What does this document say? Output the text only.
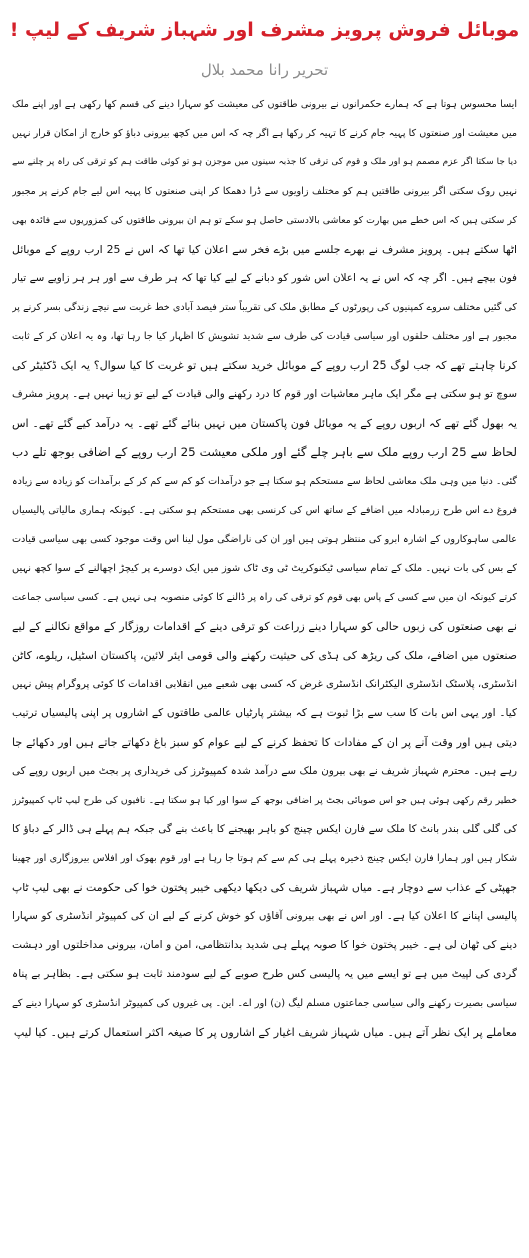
موبائل فروش پرویز مشرف اور شہباز شریف کے لیپ !
تحریر رانا محمد بلال
ایسا محسوس ہوتا ہے کہ ہمارے حکمرانوں نے بیرونی طاقتوں کی معیشت کو سہارا دینے کی قسم کھا رکھی ہے اور اپنے ملک
میں معیشت اور صنعتوں کا پہیہ جام کرنے کا تہیہ کر رکھا ہے اگر چہ کہ اس میں کچھ بیرونی دباؤ کو خارج از امکان قرار نہیں
دیا جا سکتا اگر عزم مصمم ہو اور ملک و قوم کی ترقی کا جذبہ سینوں میں موجزن ہو تو کوئی طاقت ہم کو ترقی کی راہ پر چلنے سے
نہیں روک سکتی اگر بیرونی طاقتیں ہم کو مختلف زاویوں سے ڈرا دھمکا کر اپنی صنعتوں کا پہیہ اس لیے جام کرنے پر مجبور
کر سکتی ہیں کہ اس خطے میں بھارت کو معاشی بالادستی حاصل ہو سکے تو ہم ان بیرونی طاقتوں کی کمزوریوں سے فائدہ بھی
اٹھا سکتے ہیں۔ پرویز مشرف نے بھرے جلسے میں بڑے فخر سے اعلان کیا تھا کہ اس نے 25 ارب روپے کے موبائل
فون بیچے ہیں۔ اگر چہ کہ اس نے یہ اعلان اس شور کو دبانے کے لیے کیا تھا کہ ہر طرف سے اور ہر ہر زاویے سے تیار
کی گئیں مختلف سروے کمپنیوں کی رپورٹوں کے مطابق ملک کی تقریباً ستر فیصد آبادی خط غربت سے نیچے زندگی بسر کرنے پر
مجبور ہے اور مختلف حلقوں اور سیاسی قیادت کی طرف سے شدید تشویش کا اظہار کیا جا رہا تھا، وہ یہ اعلان کر کے ثابت
کرنا چاہتے تھے کہ جب لوگ 25 ارب روپے کے موبائل خرید سکتے ہیں تو غربت کا کیا سوال؟ یہ ایک ڈکٹیٹر کی
سوچ تو ہو سکتی ہے مگر ایک ماہر معاشیات اور قوم کا درد رکھنے والی قیادت کے لیے تو زیبا نہیں ہے۔ پرویز مشرف
یہ بھول گئے تھے کہ اربوں روپے کے یہ موبائل فون پاکستان میں نہیں بنائے گئے تھے۔ یہ درآمد کیے گئے تھے۔ اس
لحاظ سے 25 ارب روپے ملک سے باہر چلے گئے اور ملکی معیشت 25 ارب روپے کے اضافی بوجھ تلے دب
گئی۔ دنیا میں وہی ملک معاشی لحاظ سے مستحکم ہو سکتا ہے جو درآمدات کو کم سے کم کر کے برآمدات کو زیادہ سے زیادہ
فروغ دے اس طرح زرمبادلہ میں اضافے کے ساتھ اس کی کرنسی بھی مستحکم ہو سکتی ہے۔ کیونکہ ہماری مالیاتی پالیسیاں
عالمی ساہوکاروں کے اشارہ ابرو کی منتظر ہوتی ہیں اور ان کی ناراضگی مول لینا اس وقت موجود کسی بھی سیاسی قیادت
کے بس کی بات نہیں۔ ملک کے تمام سیاسی ٹیکنوکریٹ ٹی وی ٹاک شوز میں ایک دوسرے پر کیچڑ اچھالنے کے سوا کچھ نہیں
کرتے کیونکہ ان میں سے کسی کے پاس بھی قوم کو ترقی کی راہ پر ڈالنے کا کوئی منصوبہ ہی نہیں ہے۔ کسی سیاسی جماعت
نے بھی صنعتوں کی زبوں حالی کو سہارا دینے زراعت کو ترقی دینے کے اقدامات روزگار کے مواقع نکالنے کے لیے
صنعتوں میں اضافے، ملک کی ریڑھ کی ہڈی کی حیثیت رکھنے والی قومی ایئر لائین، پاکستان اسٹیل، ریلوے، کاٹن
انڈسٹری، پلاسٹک انڈسٹری الیکٹرانک انڈسٹری غرض کہ کسی بھی شعبے میں انقلابی اقدامات کا کوئی پروگرام پیش نہیں
کیا۔ اور یہی اس بات کا سب سے بڑا ثبوت ہے کہ بیشتر پارٹیاں عالمی طاقتوں کے اشاروں پر اپنی پالیسیاں ترتیب
دیتی ہیں اور وقت آنے پر ان کے مفادات کا تحفظ کرنے کے لیے عوام کو سبز باغ دکھاتے جاتے ہیں اور دکھائے جا
رہے ہیں۔ محترم شہباز شریف نے بھی بیرون ملک سے درآمد شدہ کمپیوٹرز کی خریداری پر بجٹ میں اربوں روپے کی
خطیر رقم رکھی ہوئی ہیں جو اس صوبائی بجٹ پر اضافی بوجھ کے سوا اور کیا ہو سکتا ہے۔ نافیوں کی طرح لیپ ٹاپ کمپیوٹرز
کی گلی گلی بندر بانٹ کا ملک سے فارن ایکس چینج کو باہر بھیجنے کا باعث بنے گی جبکہ ہم پہلے ہی ڈالر کے دباؤ کا
شکار ہیں اور ہمارا فارن ایکس چینج ذخیرہ پہلے ہی کم سے کم ہوتا جا رہا ہے اور قوم بھوک اور افلاس بیروزگاری اور چھینا
جھپٹی کے عذاب سے دوچار ہے۔ میاں شہباز شریف کی دیکھا دیکھی خیبر پختون خوا کی حکومت نے بھی لیپ ٹاپ
پالیسی اپنانے کا اعلان کیا ہے۔ اور اس نے بھی بیرونی آقاؤں کو خوش کرنے کے لیے ان کی کمپیوٹر انڈسٹری کو سہارا
دینے کی ٹھان لی ہے۔ خیبر پختون خوا کا صوبہ پہلے ہی شدید بدانتظامی، امن و امان، بیرونی مداخلتوں اور دہشت
گردی کی لپیٹ میں ہے تو ایسے میں یہ پالیسی کس طرح صوبے کے لیے سودمند ثابت ہو سکتی ہے۔ بظاہر بے پناہ
سیاسی بصیرت رکھنے والی سیاسی جماعتوں مسلم لیگ (ن) اور اے۔ این۔ پی غیروں کی کمپیوٹر انڈسٹری کو سہارا دینے کے
معاملے پر ایک نظر آتے ہیں۔ میاں شہباز شریف اغیار کے اشاروں پر کا صیغہ اکثر استعمال کرتے ہیں۔ کیا لیپ
